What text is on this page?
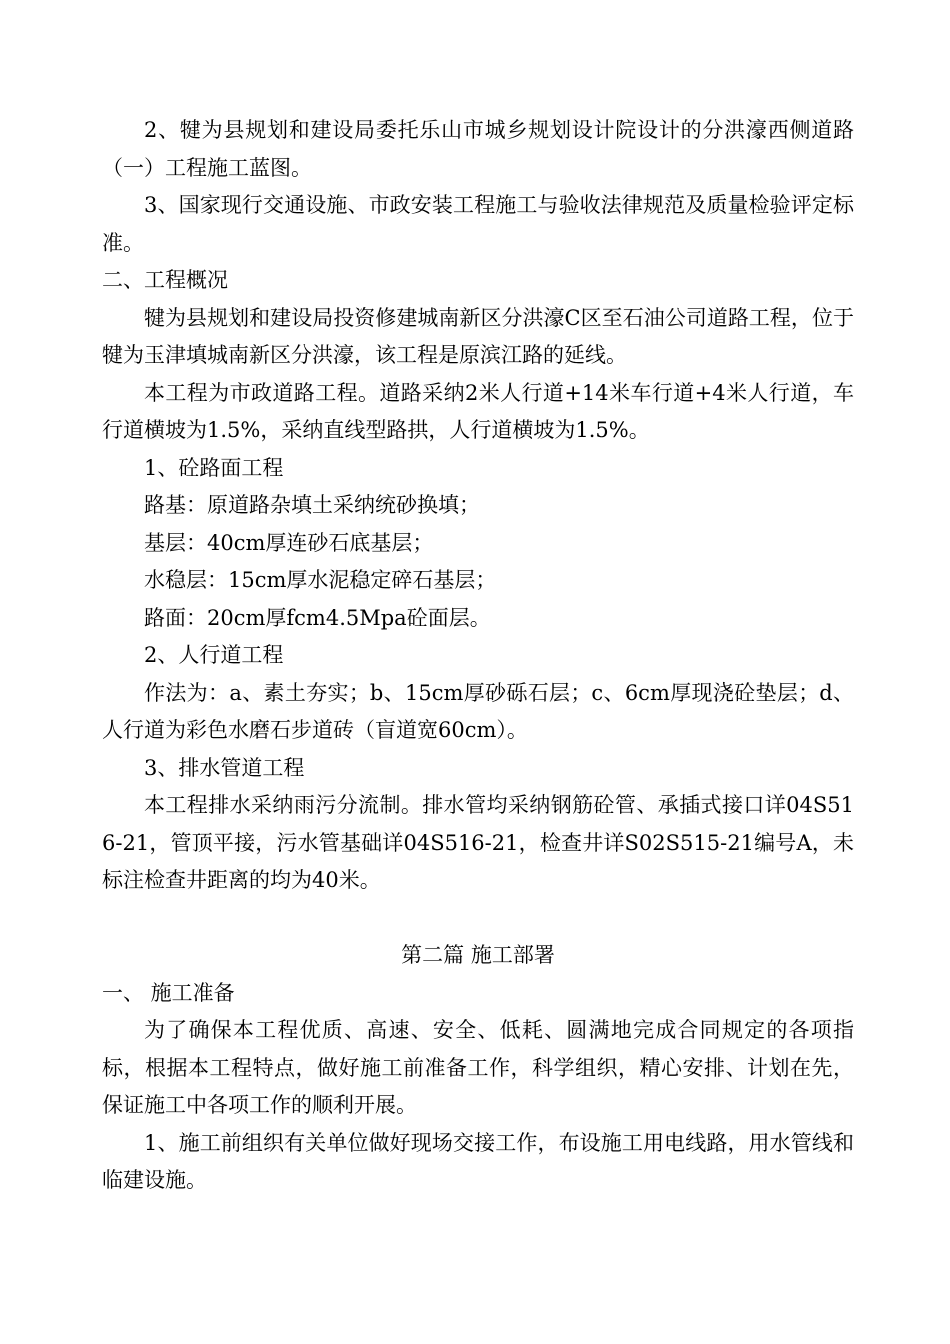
2、犍为县规划和建设局委托乐山市城乡规划设计院设计的分洪濠西侧道路（一）工程施工蓝图。

3、国家现行交通设施、市政安装工程施工与验收法律规范及质量检验评定标准。

二、工程概况

犍为县规划和建设局投资修建城南新区分洪濠C区至石油公司道路工程，位于犍为玉津填城南新区分洪濠，该工程是原滨江路的延线。

本工程为市政道路工程。道路采纳2米人行道+14米车行道+4米人行道，车行道横坡为1.5%，采纳直线型路拱，人行道横坡为1.5%。

1、砼路面工程

路基：原道路杂填土采纳统砂换填；

基层：40cm厚连砂石底基层；

水稳层：15cm厚水泥稳定碎石基层；

路面：20cm厚fcm4.5Mpa砼面层。

2、人行道工程

作法为：a、素土夯实；b、15cm厚砂砾石层；c、6cm厚现浇砼垫层；d、人行道为彩色水磨石步道砖（盲道宽60cm）。

3、排水管道工程

本工程排水采纳雨污分流制。排水管均采纳钢筋砼管、承插式接口详04S516-21，管顶平接，污水管基础详04S516-21，检查井详S02S515-21编号A，未标注检查井距离的均为40米。

第二篇 施工部署

一、 施工准备

为了确保本工程优质、高速、安全、低耗、圆满地完成合同规定的各项指标，根据本工程特点，做好施工前准备工作，科学组织，精心安排、计划在先，保证施工中各项工作的顺利开展。

1、施工前组织有关单位做好现场交接工作，布设施工用电线路，用水管线和临建设施。
